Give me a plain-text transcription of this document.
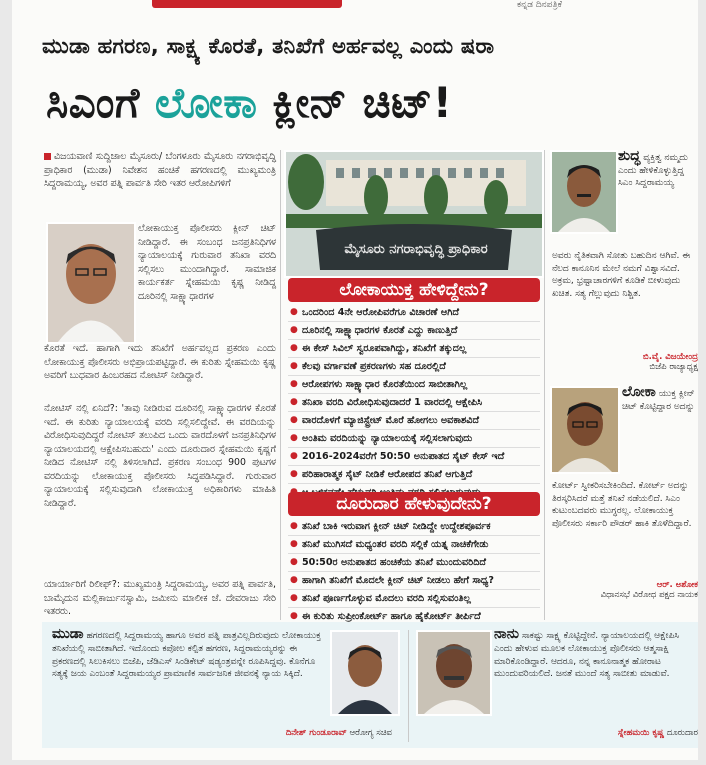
ಕನ್ನಡ ದಿನಪತ್ರಿಕೆ
ಮುಡಾ ಹಗರಣ, ಸಾಕ್ಷ್ಯ ಕೊರತೆ, ತನಿಖೆಗೆ ಅರ್ಹವಲ್ಲ ಎಂದು ಷರಾ
ಸಿಎಂಗೆ ಲೋಕಾ ಕ್ಲೀನ್ ಚಿಟ್!
ವಿಜಯವಾಣಿ ಸುದ್ದಿಜಾಲ ಮೈಸೂರು/ ಬೆಂಗಳೂರು ಮೈಸೂರು ನಗರಾಭಿವೃದ್ಧಿ ಪ್ರಾಧಿಕಾರ (ಮುಡಾ) ನಿವೇಶನ ಹಂಚಿಕೆ ಹಗರಣದಲ್ಲಿ ಮುಖ್ಯಮಂತ್ರಿ ಸಿದ್ದರಾಮಯ್ಯ, ಅವರ ಪತ್ನಿ ಪಾರ್ವತಿ ಸೇರಿ ಇತರ ಆರೋಪಿಗಳಿಗೆ
ಲೋಕಾಯುಕ್ತ ಪೊಲೀಸರು ಕ್ಲೀನ್ ಚಿಟ್ ನೀಡಿದ್ದಾರೆ. ಈ ಸಂಬಂಧ ಜನಪ್ರತಿನಿಧಿಗಳ ನ್ಯಾಯಾಲಯಕ್ಕೆ ಗುರುವಾರ ತನಿಖಾ ವರದಿ ಸಲ್ಲಿಸಲು ಮುಂದಾಗಿದ್ದಾರೆ. ಸಾಮಾಜಿಕ ಕಾರ್ಯಕರ್ತ ಸ್ನೇಹಮಯಿ ಕೃಷ್ಣ ನೀಡಿದ್ದ ದೂರಿನಲ್ಲಿ ಸಾಕ್ಷ್ಯಾಧಾರಗಳ
ಕೊರತೆ ಇದೆ. ಹಾಗಾಗಿ ಇದು ತನಿಖೆಗೆ ಅರ್ಹವಲ್ಲದ ಪ್ರಕರಣ ಎಂದು ಲೋಕಾಯುಕ್ತ ಪೊಲೀಸರು ಅಭಿಪ್ರಾಯಪಟ್ಟಿದ್ದಾರೆ. ಈ ಕುರಿತು ಸ್ನೇಹಮಯಿ ಕೃಷ್ಣ ಅವರಿಗೆ ಬುಧವಾರ ಹಿಂಬರಹದ ನೋಟಿಸ್ ನೀಡಿದ್ದಾರೆ.
ನೋಟಿಸ್ ನಲ್ಲಿ ಏನಿದೆ?: 'ತಾವು ನೀಡಿರುವ ದೂರಿನಲ್ಲಿ ಸಾಕ್ಷ್ಯಾಧಾರಗಳ ಕೊರತೆ ಇದೆ. ಈ ಕುರಿತು ನ್ಯಾಯಾಲಯಕ್ಕೆ ವರದಿ ಸಲ್ಲಿಸಲಿದ್ದೇವೆ. ಈ ವರದಿಯನ್ನು ವಿರೋಧಿಸುವುದಿದ್ದರೆ ನೋಟಿಸ್ ತಲುಪಿದ ಒಂದು ವಾರದೊಳಗೆ ಜನಪ್ರತಿನಿಧಿಗಳ ನ್ಯಾಯಾಲಯದಲ್ಲಿ ಆಕ್ಷೇಪಿಸಬಹುದು' ಎಂದು ದೂರುದಾರ ಸ್ನೇಹಮಯಿ ಕೃಷ್ಣಗೆ ನೀಡಿದ ನೋಟಿಸ್ ನಲ್ಲಿ ತಿಳಿಸಲಾಗಿದೆ. ಪ್ರಕರಣ ಸಂಬಂಧ 900 ಪುಟಗಳ ವರದಿಯನ್ನು ಲೋಕಾಯುಕ್ತ ಪೊಲೀಸರು ಸಿದ್ಧಪಡಿಸಿದ್ದಾರೆ. ಗುರುವಾರ ನ್ಯಾಯಾಲಯಕ್ಕೆ ಸಲ್ಲಿಸುವುದಾಗಿ ಲೋಕಾಯುಕ್ತ ಅಧಿಕಾರಿಗಳು ಮಾಹಿತಿ ನೀಡಿದ್ದಾರೆ.
ಯಾರ್ಯಾರಿಗೆ ರಿಲೀಫ್?: ಮುಖ್ಯಮಂತ್ರಿ ಸಿದ್ದರಾಮಯ್ಯ, ಅವರ ಪತ್ನಿ ಪಾರ್ವತಿ, ಬಾಮೈದುನ ಮಲ್ಲಿಕಾರ್ಜುನಸ್ವಾಮಿ, ಜಮೀನು ಮಾಲೀಕ ಜೆ. ದೇವರಾಜು ಸೇರಿ ಇತರರು.
ಮೈಸೂರು ನಗರಾಭಿವೃದ್ಧಿ ಪ್ರಾಧಿಕಾರ
ಲೋಕಾಯುಕ್ತ ಹೇಳಿದ್ದೇನು?
● ಒಂದರಿಂದ 4ನೇ ಆರೋಪಿವರೆಗೂ ವಿಚಾರಣೆ ಆಗಿದೆ
● ದೂರಿನಲ್ಲಿ ಸಾಕ್ಷ್ಯಾಧಾರಗಳ ಕೊರತೆ ಎದ್ದು ಕಾಣುತ್ತಿದೆ
● ಈ ಕೇಸ್ ಸಿವಿಲ್ ಸ್ವರೂಪವಾಗಿದ್ದು, ತನಿಖೆಗೆ ತಕ್ಕುದಲ್ಲ
● ಕೆಲವು ವರ್ಗಾವಣೆ ಪ್ರಕರಣಗಳು ಸಹ ದೂರಲ್ಲಿದೆ
● ಆರೋಪಗಳು ಸಾಕ್ಷ್ಯಾಧಾರ ಕೊರತೆಯಿಂದ ಸಾಬೀತಾಗಿಲ್ಲ
● ತನಿಖಾ ವರದಿ ವಿರೋಧಿಸುವುದಾದರೆ 1 ವಾರದಲ್ಲಿ ಆಕ್ಷೇಪಿಸಿ
● ವಾರದೊಳಗೆ ಮ್ಯಾಜಿಸ್ಟ್ರೇಟ್ ಮೊರೆ ಹೋಗಲು ಅವಕಾಶವಿದೆ
● ಅಂತಿಮ ವರದಿಯನ್ನು ನ್ಯಾಯಾಲಯಕ್ಕೆ ಸಲ್ಲಿಸಲಾಗುವುದು
● 2016-2024ವರೆಗೆ 50:50 ಅನುಪಾತದ ಸೈಟ್ ಕೇಸ್ ಇದೆ
● ಪರಿಹಾರಾತ್ಮಕ ಸೈಟ್ ನೀಡಿಕೆ ಆರೋಪದ ತನಿಖೆ ಆಗುತ್ತಿದೆ
●
ದೂರುದಾರ ಹೇಳುವುದೇನು?
● ತನಿಖೆ ಬಾಕಿ ಇರುವಾಗ ಕ್ಲೀನ್ ಚಿಟ್ ನೀಡಿದ್ದೇ ಉದ್ದೇಶಪೂರ್ವಕ
● ತನಿಖೆ ಮುಗಿಸದೆ ಮಧ್ಯಂತರ ವರದಿ ಸಲ್ಲಿಕೆ ಯತ್ನ ನಾಚಿಕೆಗೇಡು
● 50:50ರ ಅನುಪಾತದ ಹಂಚಿಕೆಯ ತನಿಖೆ ಮುಂದುವರಿದಿದೆ
● ಹಾಗಾಗಿ ತನಿಖೆಗೆ ಮೊದಲೇ ಕ್ಲೀನ್ ಚಿಟ್ ನೀಡಲು ಹೇಗೆ ಸಾಧ್ಯ?
● ತನಿಖೆ ಪೂರ್ಣಗೊಳ್ಳುವ ಮೊದಲು ವರದಿ ಸಲ್ಲಿಸುವಂತಿಲ್ಲ
● ಈ ಕುರಿತು ಸುಪ್ರೀಂಕೋರ್ಟ್ ಹಾಗೂ ಹೈಕೋರ್ಟ್ ತೀರ್ಪಿದೆ
ಶುದ್ಧ ವ್ಯಕ್ತಿತ್ವ ನಮ್ಮದು ಎಂದು ಹೇಳಿಕೊಳ್ಳುತ್ತಿದ್ದ ಸಿಎಂ ಸಿದ್ದರಾಮಯ್ಯ
ಅವರು ನೈತಿಕವಾಗಿ ಸೋತು ಬಹುದಿನ ಆಗಿವೆ. ಈ ನೆಲದ ಕಾನೂನಿನ ಮೇಲೆ ನಮಗೆ ವಿಶ್ವಾಸವಿದೆ. ಅಕ್ರಮ, ಭ್ರಷ್ಟಾಚಾರಗಳಿಗೆ ಕೂಡಿಕೆ ಬೀಳುವುದು ಖಚಿತ. ಸತ್ಯ ಗೆಲ್ಲುವುದು ನಿಶ್ಚಿತ.
ಬಿ.ವೈ. ವಿಜಯೇಂದ್ರ
ಬಿಜೆಪಿ ರಾಜ್ಯಾಧ್ಯಕ್ಷ
ಲೋಕಾ ಯುಕ್ತ ಕ್ಲೀನ್ ಚಿಟ್ ಕೊಟ್ಟಿದ್ದಾರ ಅದನ್ನು
ಕೋರ್ಟ್ ಸ್ವೀಕರಿಸಬೇಕಿಂದಿದೆ. ಕೋರ್ಟ್ ಅದನ್ನು ತಿರಸ್ಕರಿಸಿದರೆ ಮತ್ತೆ ತನಿಖೆ ನಡೆಯಲಿದೆ. ಸಿಎಂ ಕುಟುಂಬದವರು ಮುಗ್ಧರಲ್ಲ. ಲೋಕಾಯುಕ್ತ ಪೊಲೀಸರು ಸರ್ಕಾರಿ ಪೌಡರ್ ಹಾಕಿ ತೊಳೆದಿದ್ದಾರೆ.
ಆರ್. ಅಶೋಕ
ವಿಧಾನಸಭೆ ವಿರೋಧ ಪಕ್ಷದ ನಾಯಕ
ಮುಡಾ ಹಗರಣದಲ್ಲಿ ಸಿದ್ದರಾಮಯ್ಯ ಹಾಗೂ ಅವರ ಪತ್ನಿ ಪಾತ್ರವಿಲ್ಲದಿರುವುದು ಲೋಕಾಯುಕ್ತ ತನಿಖೆಯಲ್ಲಿ ಸಾಬೀತಾಗಿದೆ. ಇದೊಂದು ಕಪೋಲ ಕಲ್ಪಿತ ಹಗರಣ, ಸಿದ್ದರಾಮಯ್ಯರನ್ನು ಈ ಪ್ರಕರಣದಲ್ಲಿ ಸಿಲುಕಿಸಲು ಬಿಜೆಪಿ, ಜೆಡಿಎಸ್ ಸಿಂಡಿಕೇಟ್ ಷಡ್ಯಂತ್ರವನ್ನೇ ರೂಪಿಸಿದ್ದವು. ಕೊನೆಗೂ ಸತ್ಯಕ್ಕೆ ಜಯ ಎಂಬಂತೆ ಸಿದ್ದರಾಮಯ್ಯರ ಪ್ರಾಮಾಣಿಕ ಸಾರ್ವಜನಿಕ ಜೀವನಕ್ಕೆ ನ್ಯಾಯ ಸಿಕ್ಕಿದೆ.
ದಿನೇಶ್ ಗುಂಡೂರಾವ್ ಆರೋಗ್ಯ ಸಚಿವ
ನಾನು ಸಾಕಷ್ಟು ಸಾಕ್ಷ್ಯ ಕೊಟ್ಟಿದ್ದೇನೆ. ನ್ಯಾಯಾಲಯದಲ್ಲಿ ಆಕ್ಷೇಪಿಸಿ ಎಂದು ಹೇಳುವ ಮೂಲಕ ಲೋಕಾಯುಕ್ತ ಪೊಲೀಸರು ಆತ್ಮಸಾಕ್ಷಿ ಮಾರಿಕೊಂಡಿದ್ದಾರೆ. ಆದರೂ, ನನ್ನ ಕಾನೂನಾತ್ಮಕ ಹೋರಾಟ ಮುಂದುವರಿಯಲಿದೆ. ಜನತೆ ಮುಂದೆ ಸತ್ಯ ಸಾಬೀತು ಮಾಡುವೆ.
ಸ್ನೇಹಮಯಿ ಕೃಷ್ಣ ದೂರುದಾರ
